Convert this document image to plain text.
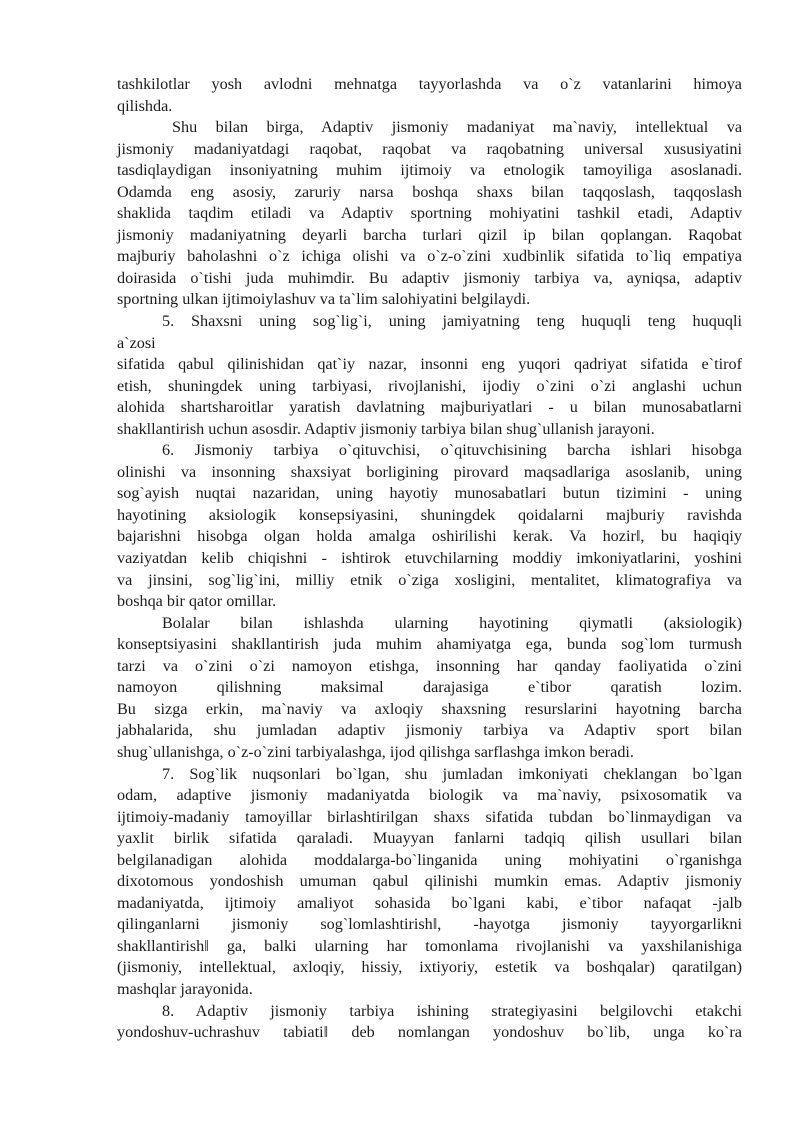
tashkilotlar yosh avlodni mehnatga tayyorlashda va o`z vatanlarini himoya
qilishda.
Shu bilan birga, Adaptiv jismoniy madaniyat ma`naviy, intellektual va
jismoniy madaniyatdagi raqobat, raqobat va raqobatning universal xususiyatini
tasdiqlaydigan insoniyatning muhim ijtimoiy va etnologik tamoyiliga asoslanadi.
Odamda eng asosiy, zaruriy narsa boshqa shaxs bilan taqqoslash, taqqoslash
shaklida taqdim etiladi va Adaptiv sportning mohiyatini tashkil etadi, Adaptiv
jismoniy madaniyatning deyarli barcha turlari qizil ip bilan qoplangan. Raqobat
majburiy baholashni o`z ichiga olishi va o`z-o`zini xudbinlik sifatida to`liq empatiya
doirasida o`tishi juda muhimdir. Bu adaptiv jismoniy tarbiya va, ayniqsa, adaptiv
sportning ulkan ijtimoiylashuv va ta`lim salohiyatini belgilaydi.
5. Shaxsni uning sog`lig`i, uning jamiyatning teng huquqli teng huquqli
a`zosi
sifatida qabul qilinishidan qat`iy nazar, insonni eng yuqori qadriyat sifatida e`tirof
etish, shuningdek uning tarbiyasi, rivojlanishi, ijodiy o`zini o`zi anglashi uchun
alohida shartsharoitlar yaratish davlatning majburiyatlari - u bilan munosabatlarni
shakllantirish uchun asosdir. Adaptiv jismoniy tarbiya bilan shug`ullanish jarayoni.
6. Jismoniy tarbiya o`qituvchisi, o`qituvchisining barcha ishlari hisobga
olinishi va insonning shaxsiyat borligining pirovard maqsadlariga asoslanib, uning
sog`ayish nuqtai nazaridan, uning hayotiy munosabatlari butun tizimini - uning
hayotining aksiologik konsepsiyasini, shuningdek qoidalarni majburiy ravishda
bajarishni hisobga olgan holda amalga oshirilishi kerak. Va hozir‖, bu haqiqiy
vaziyatdan kelib chiqishni - ishtirok etuvchilarning moddiy imkoniyatlarini, yoshini
va jinsini, sog`lig`ini, milliy etnik o`ziga xosligini, mentalitet, klimatografiya va
boshqa bir qator omillar.
Bolalar bilan ishlashda ularning hayotining qiymatli (aksiologik)
konseptsiyasini shakllantirish juda muhim ahamiyatga ega, bunda sog`lom turmush
tarzi va o`zini o`zi namoyon etishga, insonning har qanday faoliyatida o`zini
namoyon qilishning maksimal darajasiga e`tibor qaratish lozim.
Bu sizga erkin, ma`naviy va axloqiy shaxsning resurslarini hayotning barcha
jabhalarida, shu jumladan adaptiv jismoniy tarbiya va Adaptiv sport bilan
shug`ullanishga, o`z-o`zini tarbiyalashga, ijod qilishga sarflashga imkon beradi.
7. Sog`lik nuqsonlari bo`lgan, shu jumladan imkoniyati cheklangan bo`lgan
odam, adaptive jismoniy madaniyatda biologik va ma`naviy, psixosomatik va
ijtimoiy-madaniy tamoyillar birlashtirilgan shaxs sifatida tubdan bo`linmaydigan va
yaxlit birlik sifatida qaraladi. Muayyan fanlarni tadqiq qilish usullari bilan
belgilanadigan alohida moddalarga-bo`linganida uning mohiyatini o`rganishga
dixotomous yondoshish umuman qabul qilinishi mumkin emas. Adaptiv jismoniy
madaniyatda, ijtimoiy amaliyot sohasida bo`lgani kabi, e`tibor nafaqat -jalb
qilinganlarni jismoniy sog`lomlashtirish‖, -hayotga jismoniy tayyorgarlikni
shakllantirish‖ ga, balki ularning har tomonlama rivojlanishi va yaxshilanishiga
(jismoniy, intellektual, axloqiy, hissiy, ixtiyoriy, estetik va boshqalar) qaratilgan)
mashqlar jarayonida.
8. Adaptiv jismoniy tarbiya ishining strategiyasini belgilovchi etakchi
yondoshuv-uchrashuv tabiati‖ deb nomlangan yondoshuv bo`lib, unga ko`ra
